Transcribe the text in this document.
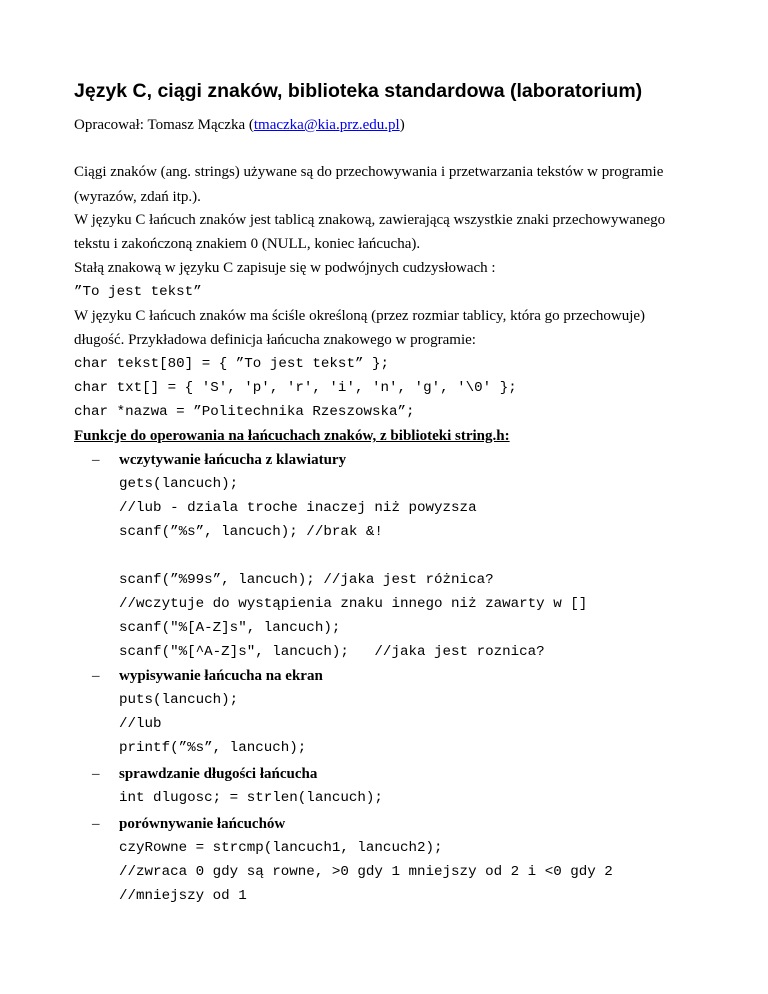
Język C, ciągi znaków, biblioteka standardowa (laboratorium)
Opracował: Tomasz Mączka (tmaczka@kia.prz.edu.pl)
Ciągi znaków (ang. strings) używane są do przechowywania i przetwarzania tekstów w programie
(wyrazów, zdań itp.).
W języku C łańcuch znaków jest tablicą znakową, zawierającą wszystkie znaki przechowywanego
tekstu i zakończoną znakiem 0 (NULL, koniec łańcucha).
Stałą znakową w języku C zapisuje się w podwójnych cudzysłowach :
”To jest tekst”
W języku C łańcuch znaków ma ściśle określoną (przez rozmiar tablicy, która go przechowuje)
długość. Przykładowa definicja łańcucha znakowego w programie:
char tekst[80] = { ”To jest tekst” };
char txt[] = { 'S', 'p', 'r', 'i', 'n', 'g', '\0' };
char *nazwa = ”Politechnika Rzeszowska”;
Funkcje do operowania na łańcuchach znaków, z biblioteki string.h:
– wczytywanie łańcucha z klawiatury
gets(lancuch);
//lub - dziala troche inaczej niż powyzsza
scanf(”%s”, lancuch); //brak &!
scanf(”%99s”, lancuch); //jaka jest różnica?
//wczytuje do wystąpienia znaku innego niż zawarty w []
scanf("%[A-Z]s", lancuch);
scanf("%[^A-Z]s", lancuch);   //jaka jest roznica?
– wypisywanie łańcucha na ekran
puts(lancuch);
//lub
printf(”%s”, lancuch);
– sprawdzanie długości łańcucha
int dlugosc; = strlen(lancuch);
– porównywanie łańcuchów
czyRowne = strcmp(lancuch1, lancuch2);
//zwraca 0 gdy są rowne, >0 gdy 1 mniejszy od 2 i <0 gdy 2
//mniejszy od 1
